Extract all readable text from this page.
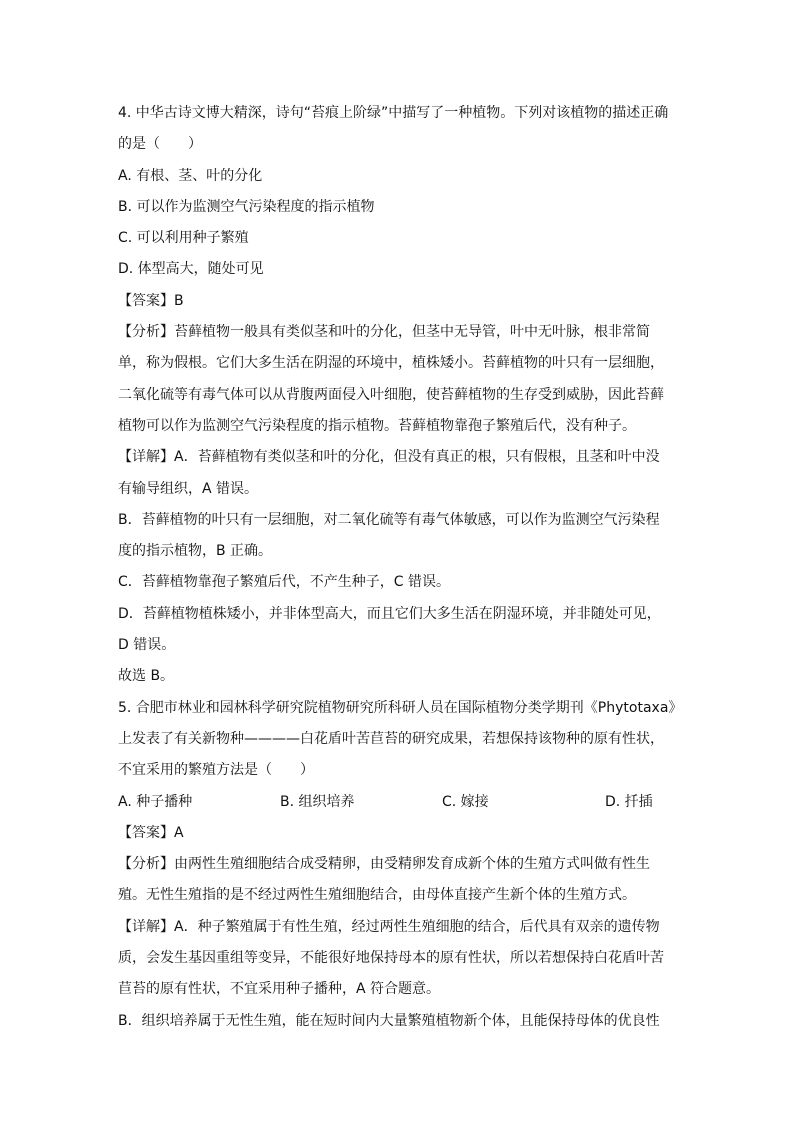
4. 中华古诗文博大精深，诗句“苔痕上阶绿”中描写了一种植物。下列对该植物的描述正确
的是（　　）
A. 有根、茎、叶的分化
B. 可以作为监测空气污染程度的指示植物
C. 可以利用种子繁殖
D. 体型高大，随处可见
【答案】B
【分析】苔藓植物一般具有类似茎和叶的分化，但茎中无导管，叶中无叶脉，根非常简
单，称为假根。它们大多生活在阴湿的环境中，植株矮小。苔藓植物的叶只有一层细胞，
二氧化硫等有毒气体可以从背腹两面侵入叶细胞，使苔藓植物的生存受到威胁，因此苔藓
植物可以作为监测空气污染程度的指示植物。苔藓植物靠孢子繁殖后代，没有种子。
【详解】A．苔藓植物有类似茎和叶的分化，但没有真正的根，只有假根，且茎和叶中没
有输导组织，A 错误。
B．苔藓植物的叶只有一层细胞，对二氧化硫等有毒气体敏感，可以作为监测空气污染程
度的指示植物，B 正确。
C．苔藓植物靠孢子繁殖后代，不产生种子，C 错误。
D．苔藓植物植株矮小，并非体型高大，而且它们大多生活在阴湿环境，并非随处可见，
D 错误。
故选 B。
5. 合肥市林业和园林科学研究院植物研究所科研人员在国际植物分类学期刊《Phytotaxa》
上发表了有关新物种————白花盾叶苦苣苔的研究成果，若想保持该物种的原有性状，
不宜采用的繁殖方法是（　　）
A. 种子播种	B. 组织培养	C. 嫁接	D. 扦插
【答案】A
【分析】由两性生殖细胞结合成受精卵，由受精卵发育成新个体的生殖方式叫做有性生
殖。无性生殖指的是不经过两性生殖细胞结合，由母体直接产生新个体的生殖方式。
【详解】A．种子繁殖属于有性生殖，经过两性生殖细胞的结合，后代具有双亲的遗传物
质，会发生基因重组等变异，不能很好地保持母本的原有性状，所以若想保持白花盾叶苦
苣苔的原有性状，不宜采用种子播种，A 符合题意。
B．组织培养属于无性生殖，能在短时间内大量繁殖植物新个体，且能保持母体的优良性
